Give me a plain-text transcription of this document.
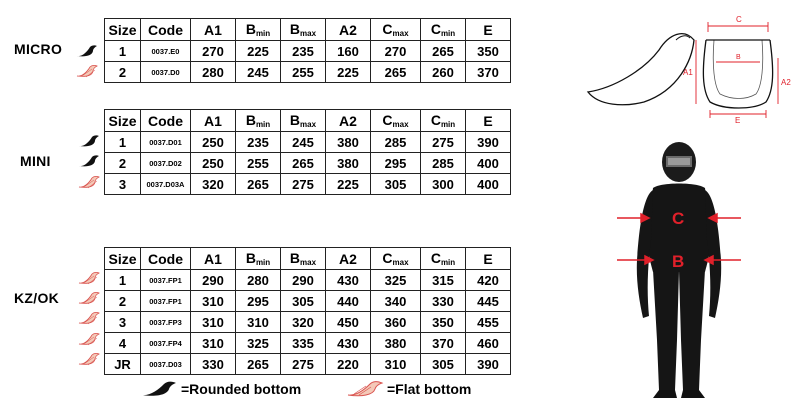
MICRO
MINI
KZ/OK
Size	Code	A1	$B_{min}$	$B_{max}$	A2	$C_{max}$	$C_{min}$	E
1	0037.E0	270	225	235	160	270	265	350
2	0037.D0	280	245	255	225	265	260	370
Size	Code	A1	$B_{min}$	$B_{max}$	A2	$C_{max}$	$C_{min}$	E
1	0037.D01	250	235	245	380	285	275	390
2	0037.D02	250	255	265	380	295	285	400
3	0037.D03A	320	265	275	225	305	300	400
Size	Code	A1	$B_{min}$	$B_{max}$	A2	$C_{max}$	$C_{min}$	E
1	0037.FP1	290	280	290	430	325	315	420
2	0037.FP1	310	295	305	440	340	330	445
3	0037.FP3	310	310	320	450	360	350	455
4	0037.FP4	310	325	335	430	380	370	460
JR	0037.D03	330	265	275	220	310	305	390
=Rounded bottom	=Flat bottom
C
B
A1
A2
E
C
B
